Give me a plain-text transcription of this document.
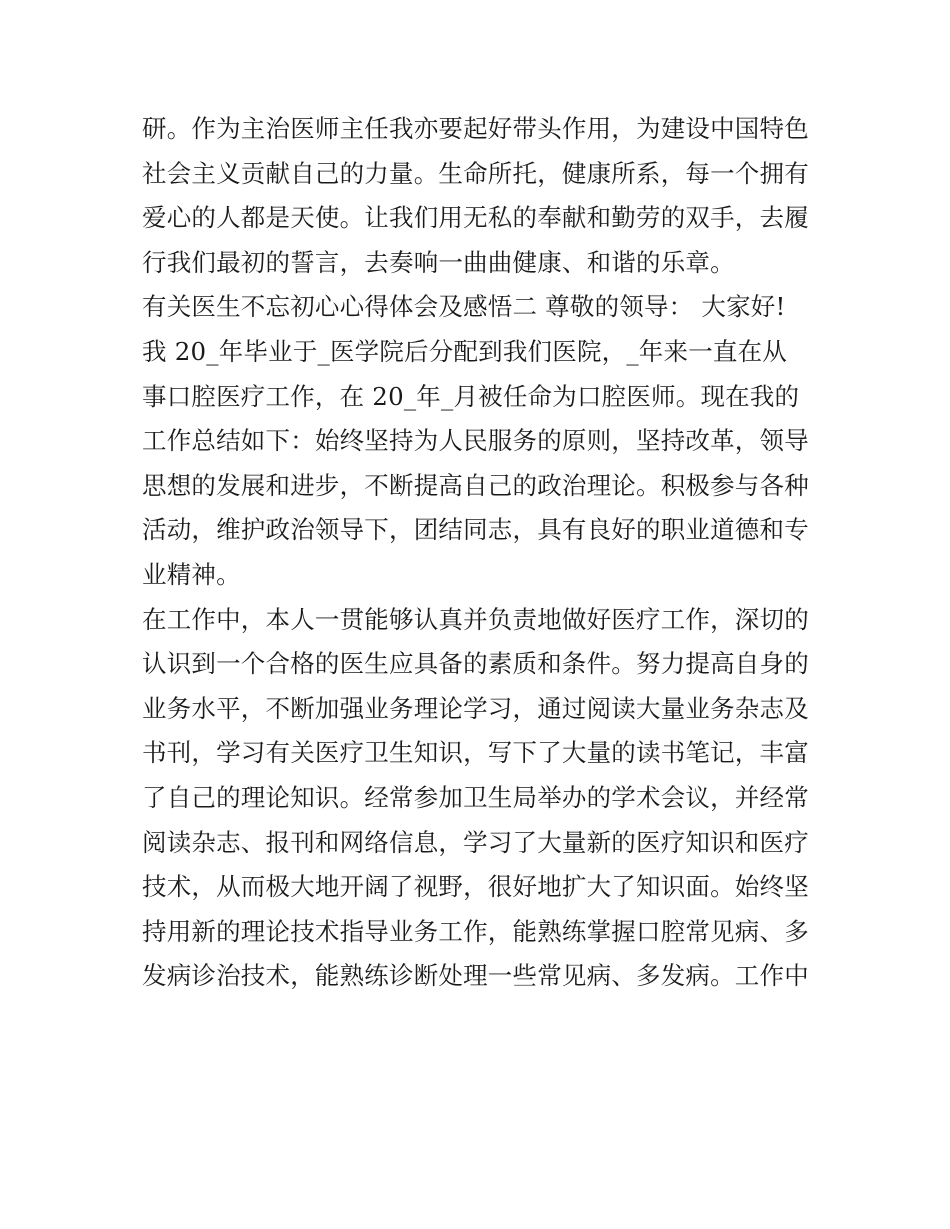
研。作为主治医师主任我亦要起好带头作用，为建设中国特色
社会主义贡献自己的力量。生命所托，健康所系，每一个拥有
爱心的人都是天使。让我们用无私的奉献和勤劳的双手，去履
行我们最初的誓言，去奏响一曲曲健康、和谐的乐章。
有关医生不忘初心心得体会及感悟二 尊敬的领导： 大家好!
我 20_年毕业于_医学院后分配到我们医院，_年来一直在从
事口腔医疗工作，在 20_年_月被任命为口腔医师。现在我的
工作总结如下：始终坚持为人民服务的原则，坚持改革，领导
思想的发展和进步，不断提高自己的政治理论。积极参与各种
活动，维护政治领导下，团结同志，具有良好的职业道德和专
业精神。
在工作中，本人一贯能够认真并负责地做好医疗工作，深切的
认识到一个合格的医生应具备的素质和条件。努力提高自身的
业务水平，不断加强业务理论学习，通过阅读大量业务杂志及
书刊，学习有关医疗卫生知识，写下了大量的读书笔记，丰富
了自己的理论知识。经常参加卫生局举办的学术会议，并经常
阅读杂志、报刊和网络信息，学习了大量新的医疗知识和医疗
技术，从而极大地开阔了视野，很好地扩大了知识面。始终坚
持用新的理论技术指导业务工作，能熟练掌握口腔常见病、多
发病诊治技术，能熟练诊断处理一些常见病、多发病。工作中
